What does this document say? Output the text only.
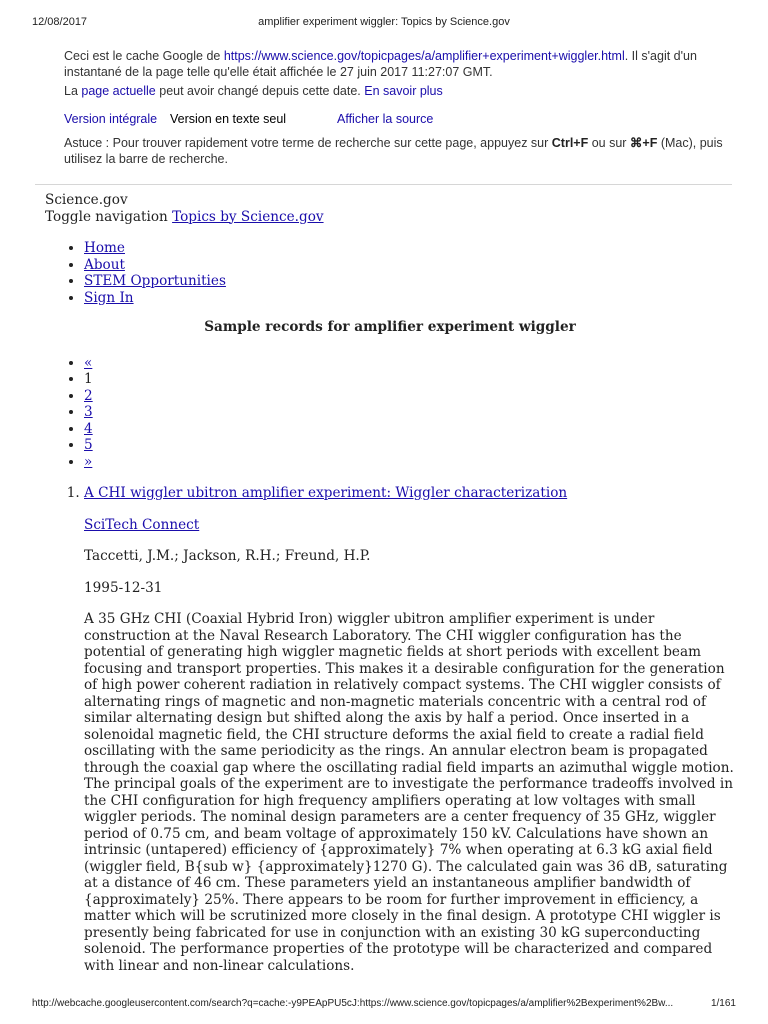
12/08/2017	amplifier experiment wiggler: Topics by Science.gov
Ceci est le cache Google de https://www.science.gov/topicpages/a/amplifier+experiment+wiggler.html. Il s'agit d'un instantané de la page telle qu'elle était affichée le 27 juin 2017 11:27:07 GMT.
La page actuelle peut avoir changé depuis cette date. En savoir plus
Version intégrale Version en texte seul	Afficher la source
Astuce : Pour trouver rapidement votre terme de recherche sur cette page, appuyez sur Ctrl+F ou sur ⌘+F (Mac), puis utilisez la barre de recherche.
Science.gov
Toggle navigation Topics by Science.gov
• Home
• About
• STEM Opportunities
• Sign In
Sample records for amplifier experiment wiggler
• «
• 1
• 2
• 3
• 4
• 5
• »
1. A CHI wiggler ubitron amplifier experiment: Wiggler characterization
SciTech Connect
Taccetti, J.M.; Jackson, R.H.; Freund, H.P.
1995-12-31
A 35 GHz CHI (Coaxial Hybrid Iron) wiggler ubitron amplifier experiment is under construction at the Naval Research Laboratory. The CHI wiggler configuration has the potential of generating high wiggler magnetic fields at short periods with excellent beam focusing and transport properties. This makes it a desirable configuration for the generation of high power coherent radiation in relatively compact systems. The CHI wiggler consists of alternating rings of magnetic and non-magnetic materials concentric with a central rod of similar alternating design but shifted along the axis by half a period. Once inserted in a solenoidal magnetic field, the CHI structure deforms the axial field to create a radial field oscillating with the same periodicity as the rings. An annular electron beam is propagated through the coaxial gap where the oscillating radial field imparts an azimuthal wiggle motion. The principal goals of the experiment are to investigate the performance tradeoffs involved in the CHI configuration for high frequency amplifiers operating at low voltages with small wiggler periods. The nominal design parameters are a center frequency of 35 GHz, wiggler period of 0.75 cm, and beam voltage of approximately 150 kV. Calculations have shown an intrinsic (untapered) efficiency of {approximately} 7% when operating at 6.3 kG axial field (wiggler field, B{sub w} {approximately}1270 G). The calculated gain was 36 dB, saturating at a distance of 46 cm. These parameters yield an instantaneous amplifier bandwidth of {approximately} 25%. There appears to be room for further improvement in efficiency, a matter which will be scrutinized more closely in the final design. A prototype CHI wiggler is presently being fabricated for use in conjunction with an existing 30 kG superconducting solenoid. The performance properties of the prototype will be characterized and compared with linear and non-linear calculations.
http://webcache.googleusercontent.com/search?q=cache:-y9PEApPU5cJ:https://www.science.gov/topicpages/a/amplifier%2Bexperiment%2Bw...	1/161
